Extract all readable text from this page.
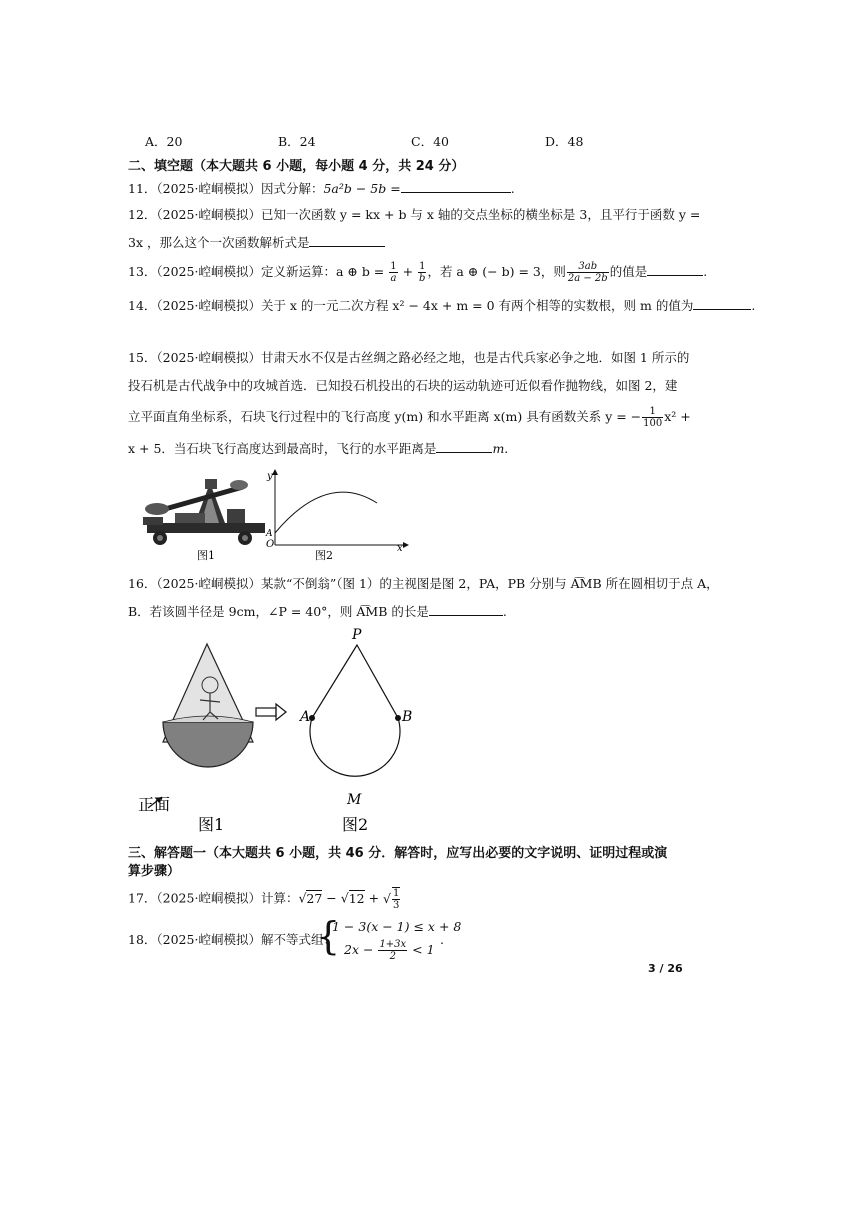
A．20	B．24	C．40	D．48
二、填空题（本大题共 6 小题，每小题 4 分，共 24 分）
11．（2025·崆峒模拟）因式分解：5a²b − 5b =	.
12．（2025·崆峒模拟）已知一次函数 y = kx + b 与 x 轴的交点坐标的横坐标是 3，且平行于函数 y =
3x ，那么这个一次函数解析式是
13．（2025·崆峒模拟）定义新运算：a ⊕ $b = \frac{1}{a} + \frac{1}{b}$ ，若 a ⊕ (− b) = 3，则 $\frac{3ab}{2a - 2b}$ 的值是	.
14．（2025·崆峒模拟）关于 x 的一元二次方程 x² − 4x + m = 0 有两个相等的实数根，则 m 的值为	.
15．（2025·崆峒模拟）甘肃天水不仅是古丝绸之路必经之地，也是古代兵家必争之地．如图 1 所示的
投石机是古代战争中的攻城首选．已知投石机投出的石块的运动轨迹可近似看作抛物线，如图 2，建
立平面直角坐标系，石块飞行过程中的飞行高度 y(m) 和水平距离 x(m) 具有函数关系 y = − $\frac{1}{100} x^2$ +
x + 5．当石块飞行高度达到最高时，飞行的水平距离是	m.
图1
y
x
O
A
图2
16．（2025·崆峒模拟）某款“不倒翁”（图 1）的主视图是图 2，PA，PB 分别与 A͡MB 所在圆相切于点 A，
B．若该圆半径是 9cm，∠P = 40°，则 A͡MB 的长是	.
正面
图1
P
A	B
M
图2
三、解答题一（本大题共 6 小题，共 46 分．解答时，应写出必要的文字说明、证明过程或演
算步骤）
17．（2025·崆峒模拟）计算：√27 − √12 + √ $\frac{1}{3}$
18．（2025·崆峒模拟）解不等式组：
{
1 − 3(x − 1) ≤ x + 8
$2x - \frac{1+3x}{2} < 1$
.
3 / 26
